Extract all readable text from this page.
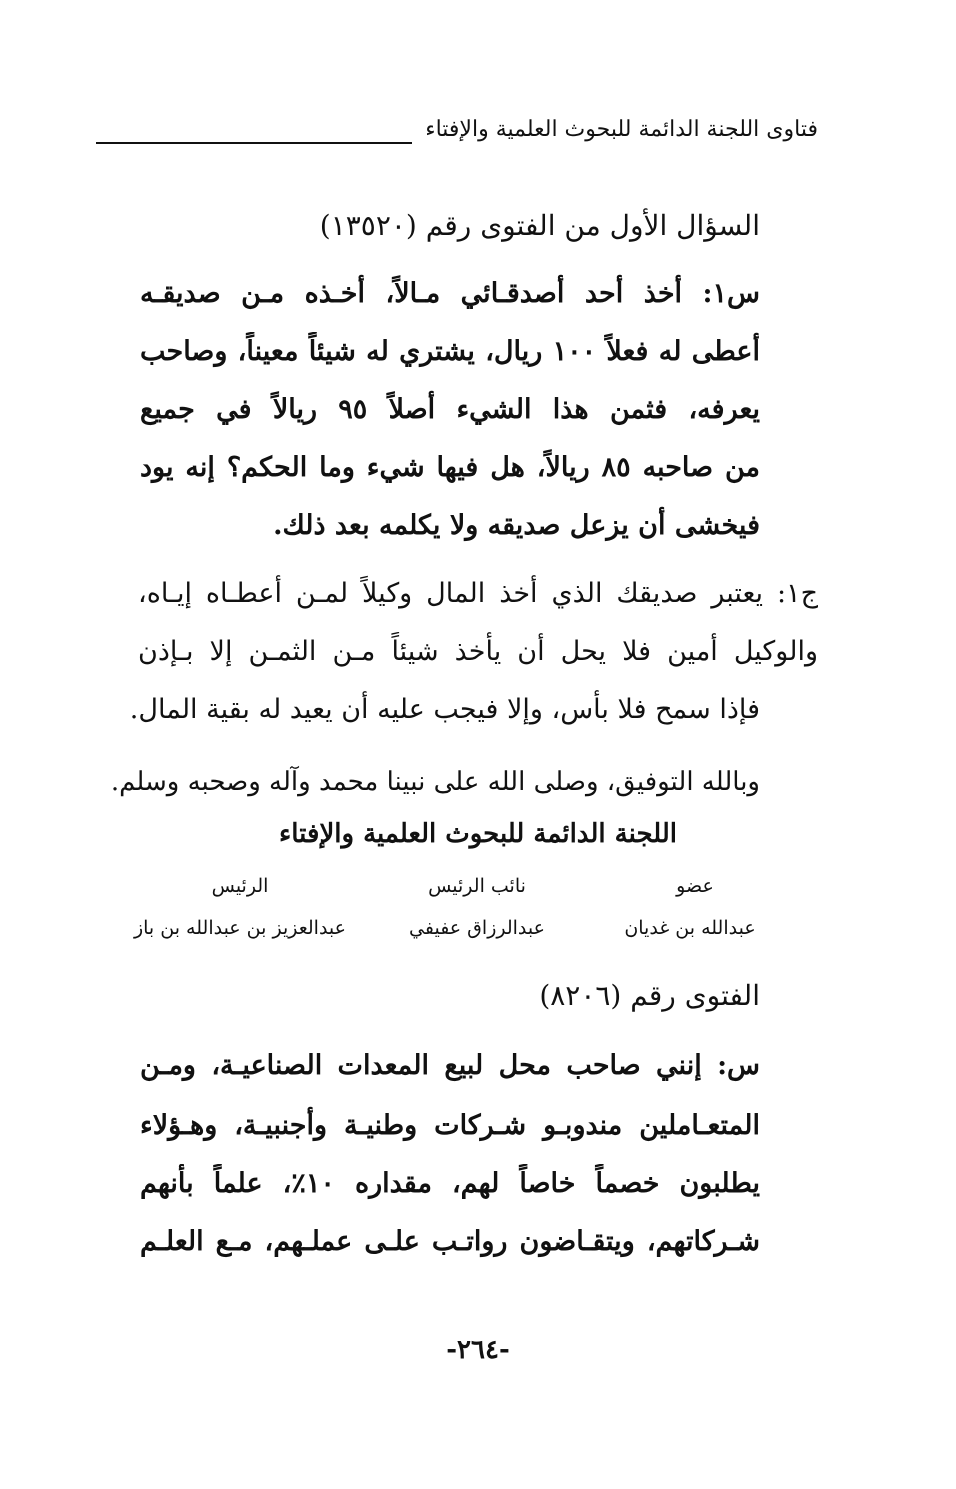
فتاوى اللجنة الدائمة للبحوث العلمية والإفتاء
السؤال الأول من الفتوى رقم (١٣٥٢٠)
س١: أخذ أحد أصدقـائي مـالاً، أخـذه مـن صديقـه
أعطى له فعلاً ١٠٠ ريال، يشتري له شيئاً معيناً، وصاحب
يعرفه، فثمن هذا الشيء أصلاً ٩٥ ريالاً في جميع
من صاحبه ٨٥ ريالاً، هل فيها شيء وما الحكم؟ إنه يود
فيخشى أن يزعل صديقه ولا يكلمه بعد ذلك.
ج١: يعتبر صديقك الذي أخذ المال وكيلاً لمـن أعطـاه إيـاه،
والوكيل أمين فلا يحل أن يأخذ شيئاً مـن الثمـن إلا بـإذن
فإذا سمح فلا بأس، وإلا فيجب عليه أن يعيد له بقية المال.
وبالله التوفيق، وصلى الله على نبينا محمد وآله وصحبه وسلم.
اللجنة الدائمة للبحوث العلمية والإفتاء
عضو
عبدالله بن غديان
نائب الرئيس
عبدالرزاق عفيفي
الرئيس
عبدالعزيز بن عبدالله بن باز
الفتوى رقم (٨٢٠٦)
س: إنني صاحب محل لبيع المعدات الصناعيـة، ومـن
المتعـاملين مندوبـو شـركات وطنيـة وأجنبيـة، وهـؤلاء
يطلبون خصماً خاصاً لهم، مقداره ١٠٪، علماً بأنهم
شـركاتهم، ويتقـاضون رواتـب علـى عملـهم، مـع العلـم
-٢٦٤-
